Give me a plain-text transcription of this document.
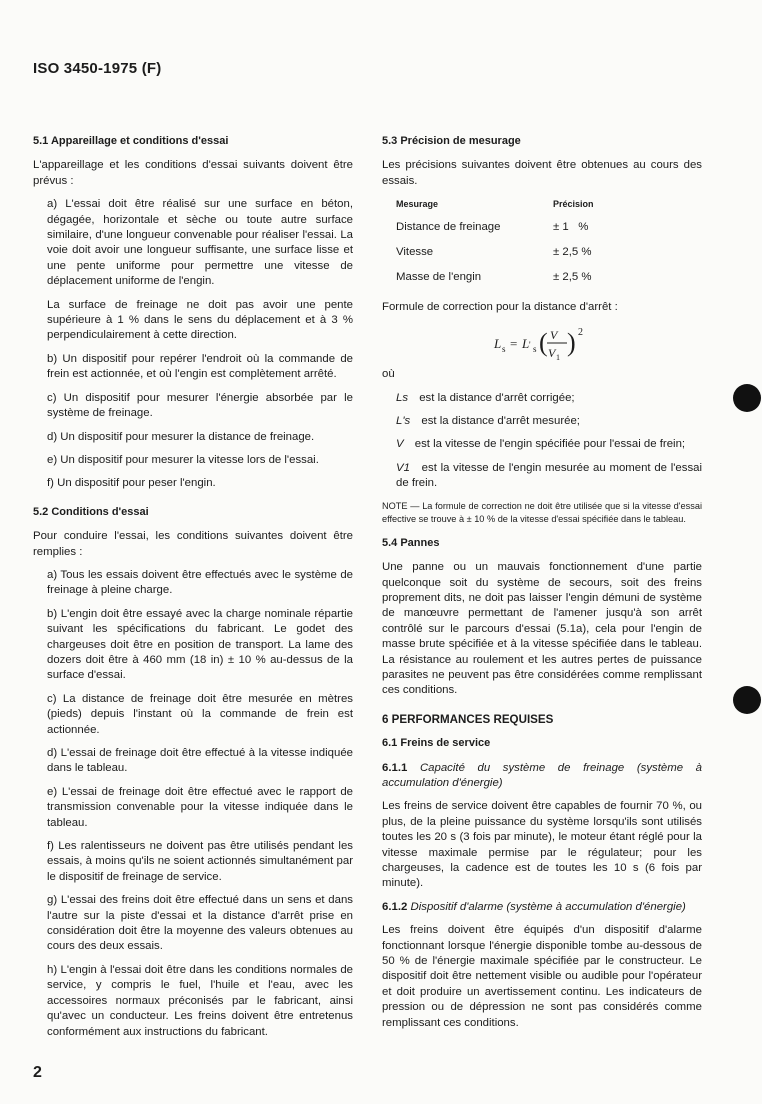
ISO 3450-1975 (F)
5.1 Appareillage et conditions d'essai

L'appareillage et les conditions d'essai suivants doivent être prévus :

a) L'essai doit être réalisé sur une surface en béton, dégagée, horizontale et sèche ou toute autre surface similaire, d'une longueur convenable pour réaliser l'essai. La voie doit avoir une longueur suffisante, une surface lisse et une pente uniforme pour permettre une vitesse de déplacement uniforme de l'engin.
La surface de freinage ne doit pas avoir une pente supérieure à 1 % dans le sens du déplacement et à 3 % perpendiculairement à cette direction.
b) Un dispositif pour repérer l'endroit où la commande de frein est actionnée, et où l'engin est complètement arrêté.
c) Un dispositif pour mesurer l'énergie absorbée par le système de freinage.
d) Un dispositif pour mesurer la distance de freinage.
e) Un dispositif pour mesurer la vitesse lors de l'essai.
f) Un dispositif pour peser l'engin.
5.2 Conditions d'essai

Pour conduire l'essai, les conditions suivantes doivent être remplies :

a) Tous les essais doivent être effectués avec le système de freinage à pleine charge.
b) L'engin doit être essayé avec la charge nominale répartie suivant les spécifications du fabricant. Le godet des chargeuses doit être en position de transport. La lame des dozers doit être à 460 mm (18 in) ± 10 % au-dessus de la surface d'essai.
c) La distance de freinage doit être mesurée en mètres (pieds) depuis l'instant où la commande de frein est actionnée.
d) L'essai de freinage doit être effectué à la vitesse indiquée dans le tableau.
e) L'essai de freinage doit être effectué avec le rapport de transmission convenable pour la vitesse indiquée dans le tableau.
f) Les ralentisseurs ne doivent pas être utilisés pendant les essais, à moins qu'ils ne soient actionnés simultanément par le dispositif de freinage de service.
g) L'essai des freins doit être effectué dans un sens et dans l'autre sur la piste d'essai et la distance d'arrêt prise en considération doit être la moyenne des valeurs obtenues au cours des deux essais.
h) L'engin à l'essai doit être dans les conditions normales de service, y compris le fuel, l'huile et l'eau, avec les accessoires normaux préconisés par le fabricant, ainsi qu'avec un conducteur. Les freins doivent être entretenus conformément aux instructions du fabricant.
5.3 Précision de mesurage

Les précisions suivantes doivent être obtenues au cours des essais.

Mesurage	Précision
Distance de freinage	± 1   %
Vitesse	± 2,5 %
Masse de l'engin	± 2,5 %

Formule de correction pour la distance d'arrêt :

L s = L ' s ( V
V 1
) 2

où

Ls est la distance d'arrêt corrigée;
L's est la distance d'arrêt mesurée;
V est la vitesse de l'engin spécifiée pour l'essai de frein;
V1 est la vitesse de l'engin mesurée au moment de l'essai de frein.
NOTE — La formule de correction ne doit être utilisée que si la vitesse d'essai effective se trouve à ± 10 % de la vitesse d'essai spécifiée dans le tableau.
5.4 Pannes

Une panne ou un mauvais fonctionnement d'une partie quelconque soit du système de secours, soit des freins proprement dits, ne doit pas laisser l'engin démuni de système de manœuvre permettant de l'amener jusqu'à son arrêt contrôlé sur le parcours d'essai (5.1a), cela pour l'engin de masse brute spécifiée et à la vitesse spécifiée dans le tableau. La résistance au roulement et les autres pertes de puissance parasites ne peuvent pas être considérées comme remplissant ces conditions.

6 PERFORMANCES REQUISES
6.1 Freins de service

6.1.1 Capacité du système de freinage (système à accumulation d'énergie)

Les freins de service doivent être capables de fournir 70 %, ou plus, de la pleine puissance du système lorsqu'ils sont utilisés toutes les 20 s (3 fois par minute), le moteur étant réglé pour la vitesse maximale permise par le régulateur; pour les chargeuses, la cadence est de toutes les 10 s (6 fois par minute).

6.1.2 Dispositif d'alarme (système à accumulation d'énergie)

Les freins doivent être équipés d'un dispositif d'alarme fonctionnant lorsque l'énergie disponible tombe au-dessous de 50 % de l'énergie maximale spécifiée par le constructeur. Le dispositif doit être nettement visible ou audible pour l'opérateur et doit produire un avertissement continu. Les indicateurs de pression ou de dépression ne sont pas considérés comme remplissant ces conditions.

2
